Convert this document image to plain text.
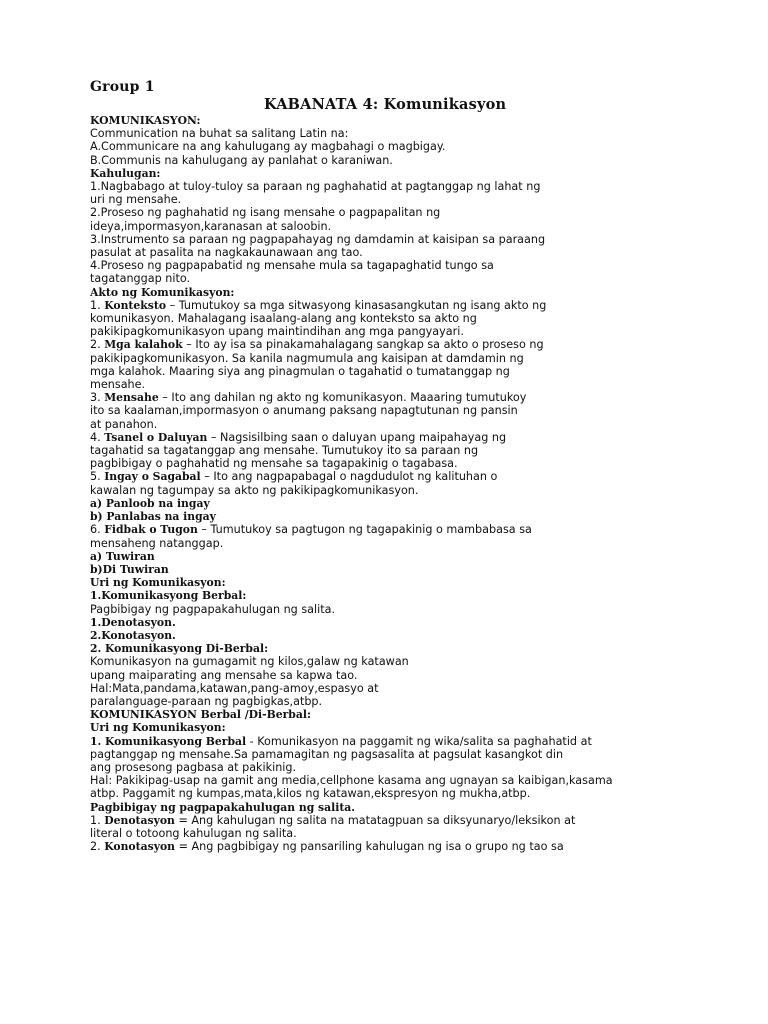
Group 1

KABANATA 4: Komunikasyon

KOMUNIKASYON:

Communication na buhat sa salitang Latin na:

A.Communicare na ang kahulugang ay magbahagi o magbigay.

B.Communis na kahulugang ay panlahat o karaniwan.

Kahulugan:

1.Nagbabago at tuloy-tuloy sa paraan ng paghahatid at pagtanggap ng lahat ng

uri ng mensahe.

2.Proseso ng paghahatid ng isang mensahe o pagpapalitan ng

ideya,impormasyon,karanasan at saloobin.

3.Instrumento sa paraan ng pagpapahayag ng damdamin at kaisipan sa paraang

pasulat at pasalita na nagkakaunawaan ang tao.

4.Proseso ng pagpapabatid ng mensahe mula sa tagapaghatid tungo sa

tagatanggap nito.

Akto ng Komunikasyon:

1. Konteksto – Tumutukoy sa mga sitwasyong kinasasangkutan ng isang akto ng

komunikasyon. Mahalagang isaalang-alang ang konteksto sa akto ng

pakikipagkomunikasyon upang maintindihan ang mga pangyayari.

2. Mga kalahok – Ito ay isa sa pinakamahalagang sangkap sa akto o proseso ng

pakikipagkomunikasyon. Sa kanila nagmumula ang kaisipan at damdamin ng

mga kalahok. Maaring siya ang pinagmulan o tagahatid o tumatanggap ng

mensahe.

3. Mensahe – Ito ang dahilan ng akto ng komunikasyon. Maaaring tumutukoy

ito sa kaalaman,impormasyon o anumang paksang napagtutunan ng pansin

at panahon.

4. Tsanel o Daluyan – Nagsisilbing saan o daluyan upang maipahayag ng

tagahatid sa tagatanggap ang mensahe. Tumutukoy ito sa paraan ng

pagbibigay o paghahatid ng mensahe sa tagapakinig o tagabasa.

5. Ingay o Sagabal – Ito ang nagpapabagal o nagdudulot ng kalituhan o

kawalan ng tagumpay sa akto ng pakikipagkomunikasyon.

a) Panloob na ingay

b) Panlabas na ingay

6. Fidbak o Tugon – Tumutukoy sa pagtugon ng tagapakinig o mambabasa sa

mensaheng natanggap.

a) Tuwiran

b)Di Tuwiran

Uri ng Komunikasyon:

1.Komunikasyong Berbal:

Pagbibigay ng pagpapakahulugan ng salita.

1.Denotasyon.

2.Konotasyon.

2. Komunikasyong Di-Berbal:

Komunikasyon na gumagamit ng kilos,galaw ng katawan

upang maiparating ang mensahe sa kapwa tao.

Hal:Mata,pandama,katawan,pang-amoy,espasyo at

paralanguage-paraan ng pagbigkas,atbp.

KOMUNIKASYON Berbal /Di-Berbal:

Uri ng Komunikasyon:

1. Komunikasyong Berbal - Komunikasyon na paggamit ng wika/salita sa paghahatid at

pagtanggap ng mensahe.Sa pamamagitan ng pagsasalita at pagsulat kasangkot din

ang prosesong pagbasa at pakikinig.

Hal: Pakikipag-usap na gamit ang media,cellphone kasama ang ugnayan sa kaibigan,kasama

atbp. Paggamit ng kumpas,mata,kilos ng katawan,ekspresyon ng mukha,atbp.

Pagbibigay ng pagpapakahulugan ng salita.

1. Denotasyon = Ang kahulugan ng salita na matatagpuan sa diksyunaryo/leksikon at

literal o totoong kahulugan ng salita.

2. Konotasyon = Ang pagbibigay ng pansariling kahulugan ng isa o grupo ng tao sa
